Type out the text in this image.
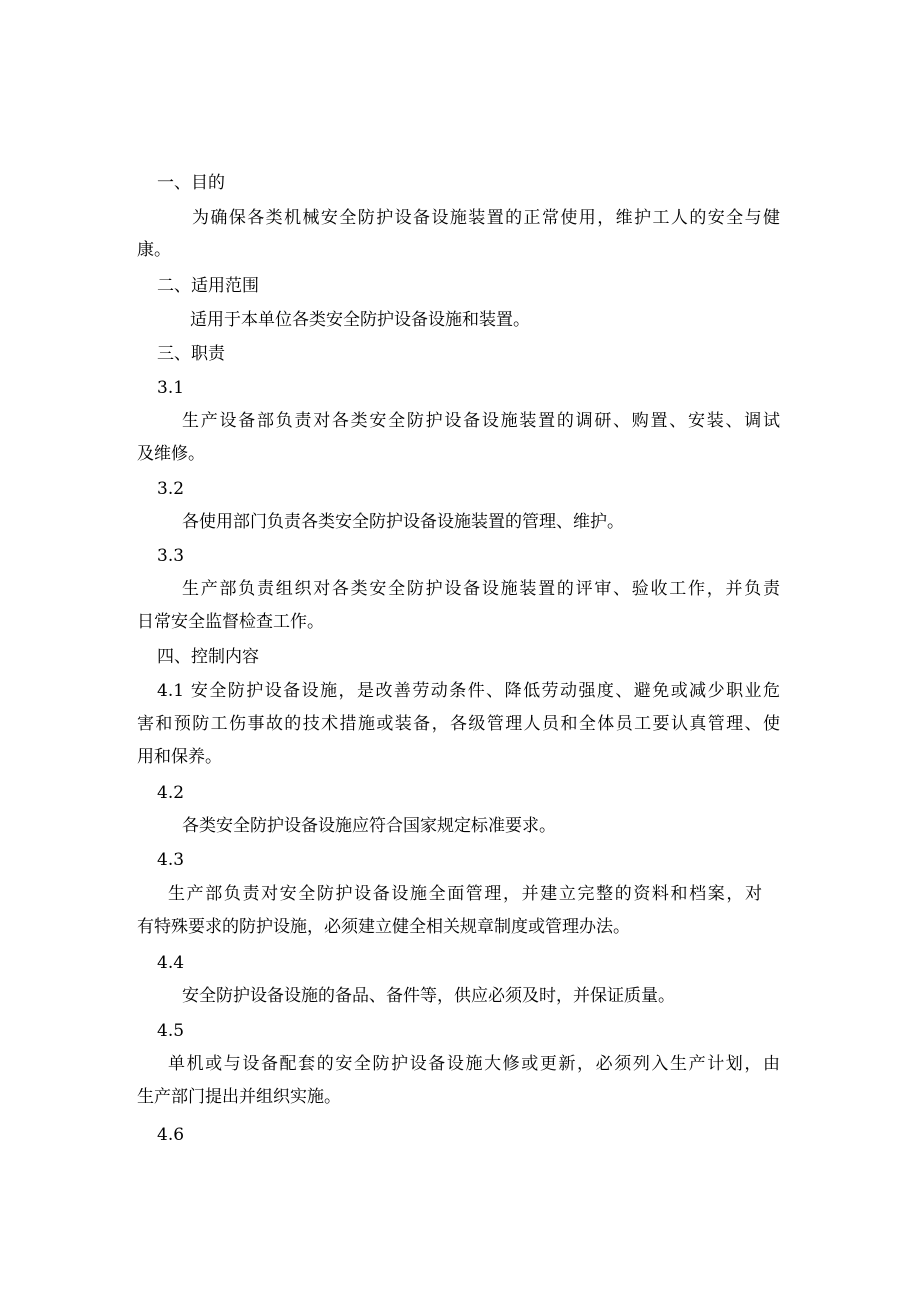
一、目的
为确保各类机械安全防护设备设施装置的正常使用，维护工人的安全与健
康。
二、适用范围
适用于本单位各类安全防护设备设施和装置。
三、职责
3.1
生产设备部负责对各类安全防护设备设施装置的调研、购置、安装、调试
及维修。
3.2
各使用部门负责各类安全防护设备设施装置的管理、维护。
3.3
生产部负责组织对各类安全防护设备设施装置的评审、验收工作，并负责
日常安全监督检查工作。
四、控制内容
4.1 安全防护设备设施，是改善劳动条件、降低劳动强度、避免或减少职业危
害和预防工伤事故的技术措施或装备，各级管理人员和全体员工要认真管理、使
用和保养。
4.2
各类安全防护设备设施应符合国家规定标准要求。
4.3
生产部负责对安全防护设备设施全面管理，并建立完整的资料和档案，对
有特殊要求的防护设施，必须建立健全相关规章制度或管理办法。
4.4
安全防护设备设施的备品、备件等，供应必须及时，并保证质量。
4.5
单机或与设备配套的安全防护设备设施大修或更新，必须列入生产计划，由
生产部门提出并组织实施。
4.6
